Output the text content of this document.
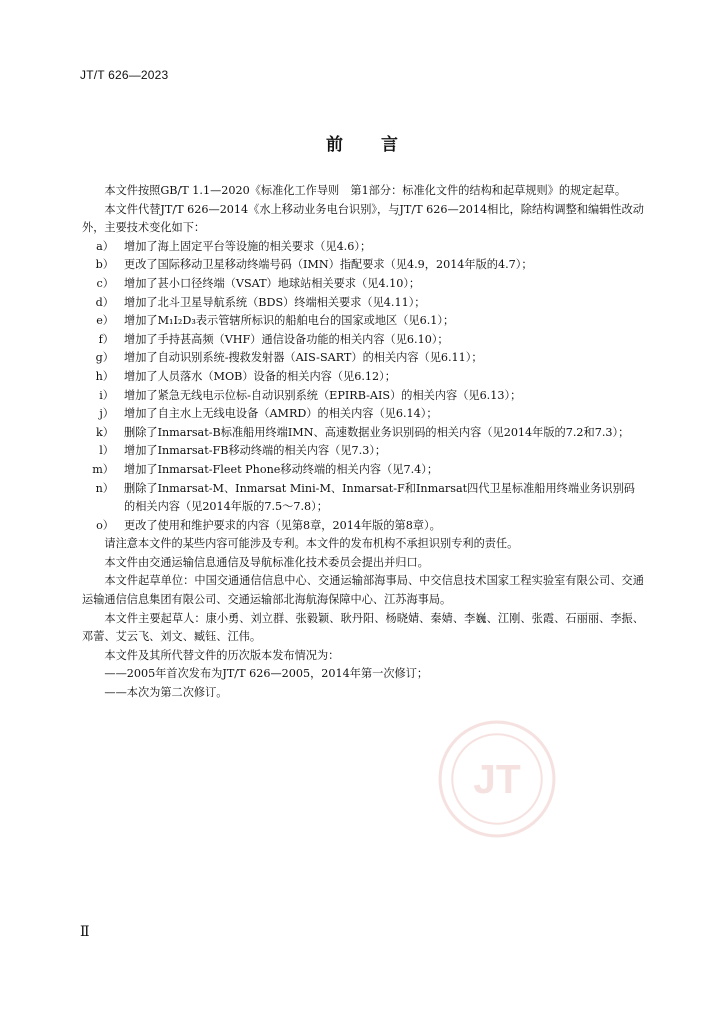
JT/T 626—2023
前言

本文件按照GB/T 1.1—2020《标准化工作导则　第1部分：标准化文件的结构和起草规则》的规定起草。

本文件代替JT/T 626—2014《水上移动业务电台识别》，与JT/T 626—2014相比，除结构调整和编辑性改动外，主要技术变化如下：

a） 增加了海上固定平台等设施的相关要求（见4.6）；
b） 更改了国际移动卫星移动终端号码（IMN）指配要求（见4.9，2014年版的4.7）；
c） 增加了甚小口径终端（VSAT）地球站相关要求（见4.10）；
d） 增加了北斗卫星导航系统（BDS）终端相关要求（见4.11）；
e） 增加了M₁I₂D₃表示管辖所标识的船舶电台的国家或地区（见6.1）；
f） 增加了手持甚高频（VHF）通信设备功能的相关内容（见6.10）；
g） 增加了自动识别系统-搜救发射器（AIS-SART）的相关内容（见6.11）；
h） 增加了人员落水（MOB）设备的相关内容（见6.12）；
i） 增加了紧急无线电示位标-自动识别系统（EPIRB-AIS）的相关内容（见6.13）；
j） 增加了自主水上无线电设备（AMRD）的相关内容（见6.14）；
k） 删除了Inmarsat-B标准船用终端IMN、高速数据业务识别码的相关内容（见2014年版的7.2和7.3）；
l） 增加了Inmarsat-FB移动终端的相关内容（见7.3）；
m） 增加了Inmarsat-Fleet Phone移动终端的相关内容（见7.4）；
n） 删除了Inmarsat-M、Inmarsat Mini-M、Inmarsat-F和Inmarsat四代卫星标准船用终端业务识别码的相关内容（见2014年版的7.5～7.8）；
o） 更改了使用和维护要求的内容（见第8章，2014年版的第8章）。

请注意本文件的某些内容可能涉及专利。本文件的发布机构不承担识别专利的责任。

本文件由交通运输信息通信及导航标准化技术委员会提出并归口。

本文件起草单位：中国交通通信信息中心、交通运输部海事局、中交信息技术国家工程实验室有限公司、交通运输通信信息集团有限公司、交通运输部北海航海保障中心、江苏海事局。

本文件主要起草人：康小勇、刘立群、张毅颖、耿丹阳、杨晓婧、秦婧、李巍、江刚、张霞、石丽丽、李振、邓蕾、艾云飞、刘文、臧钰、江伟。

本文件及其所代替文件的历次版本发布情况为：

——2005年首次发布为JT/T 626—2005，2014年第一次修订；
——本次为第二次修订。
JT
Ⅱ
